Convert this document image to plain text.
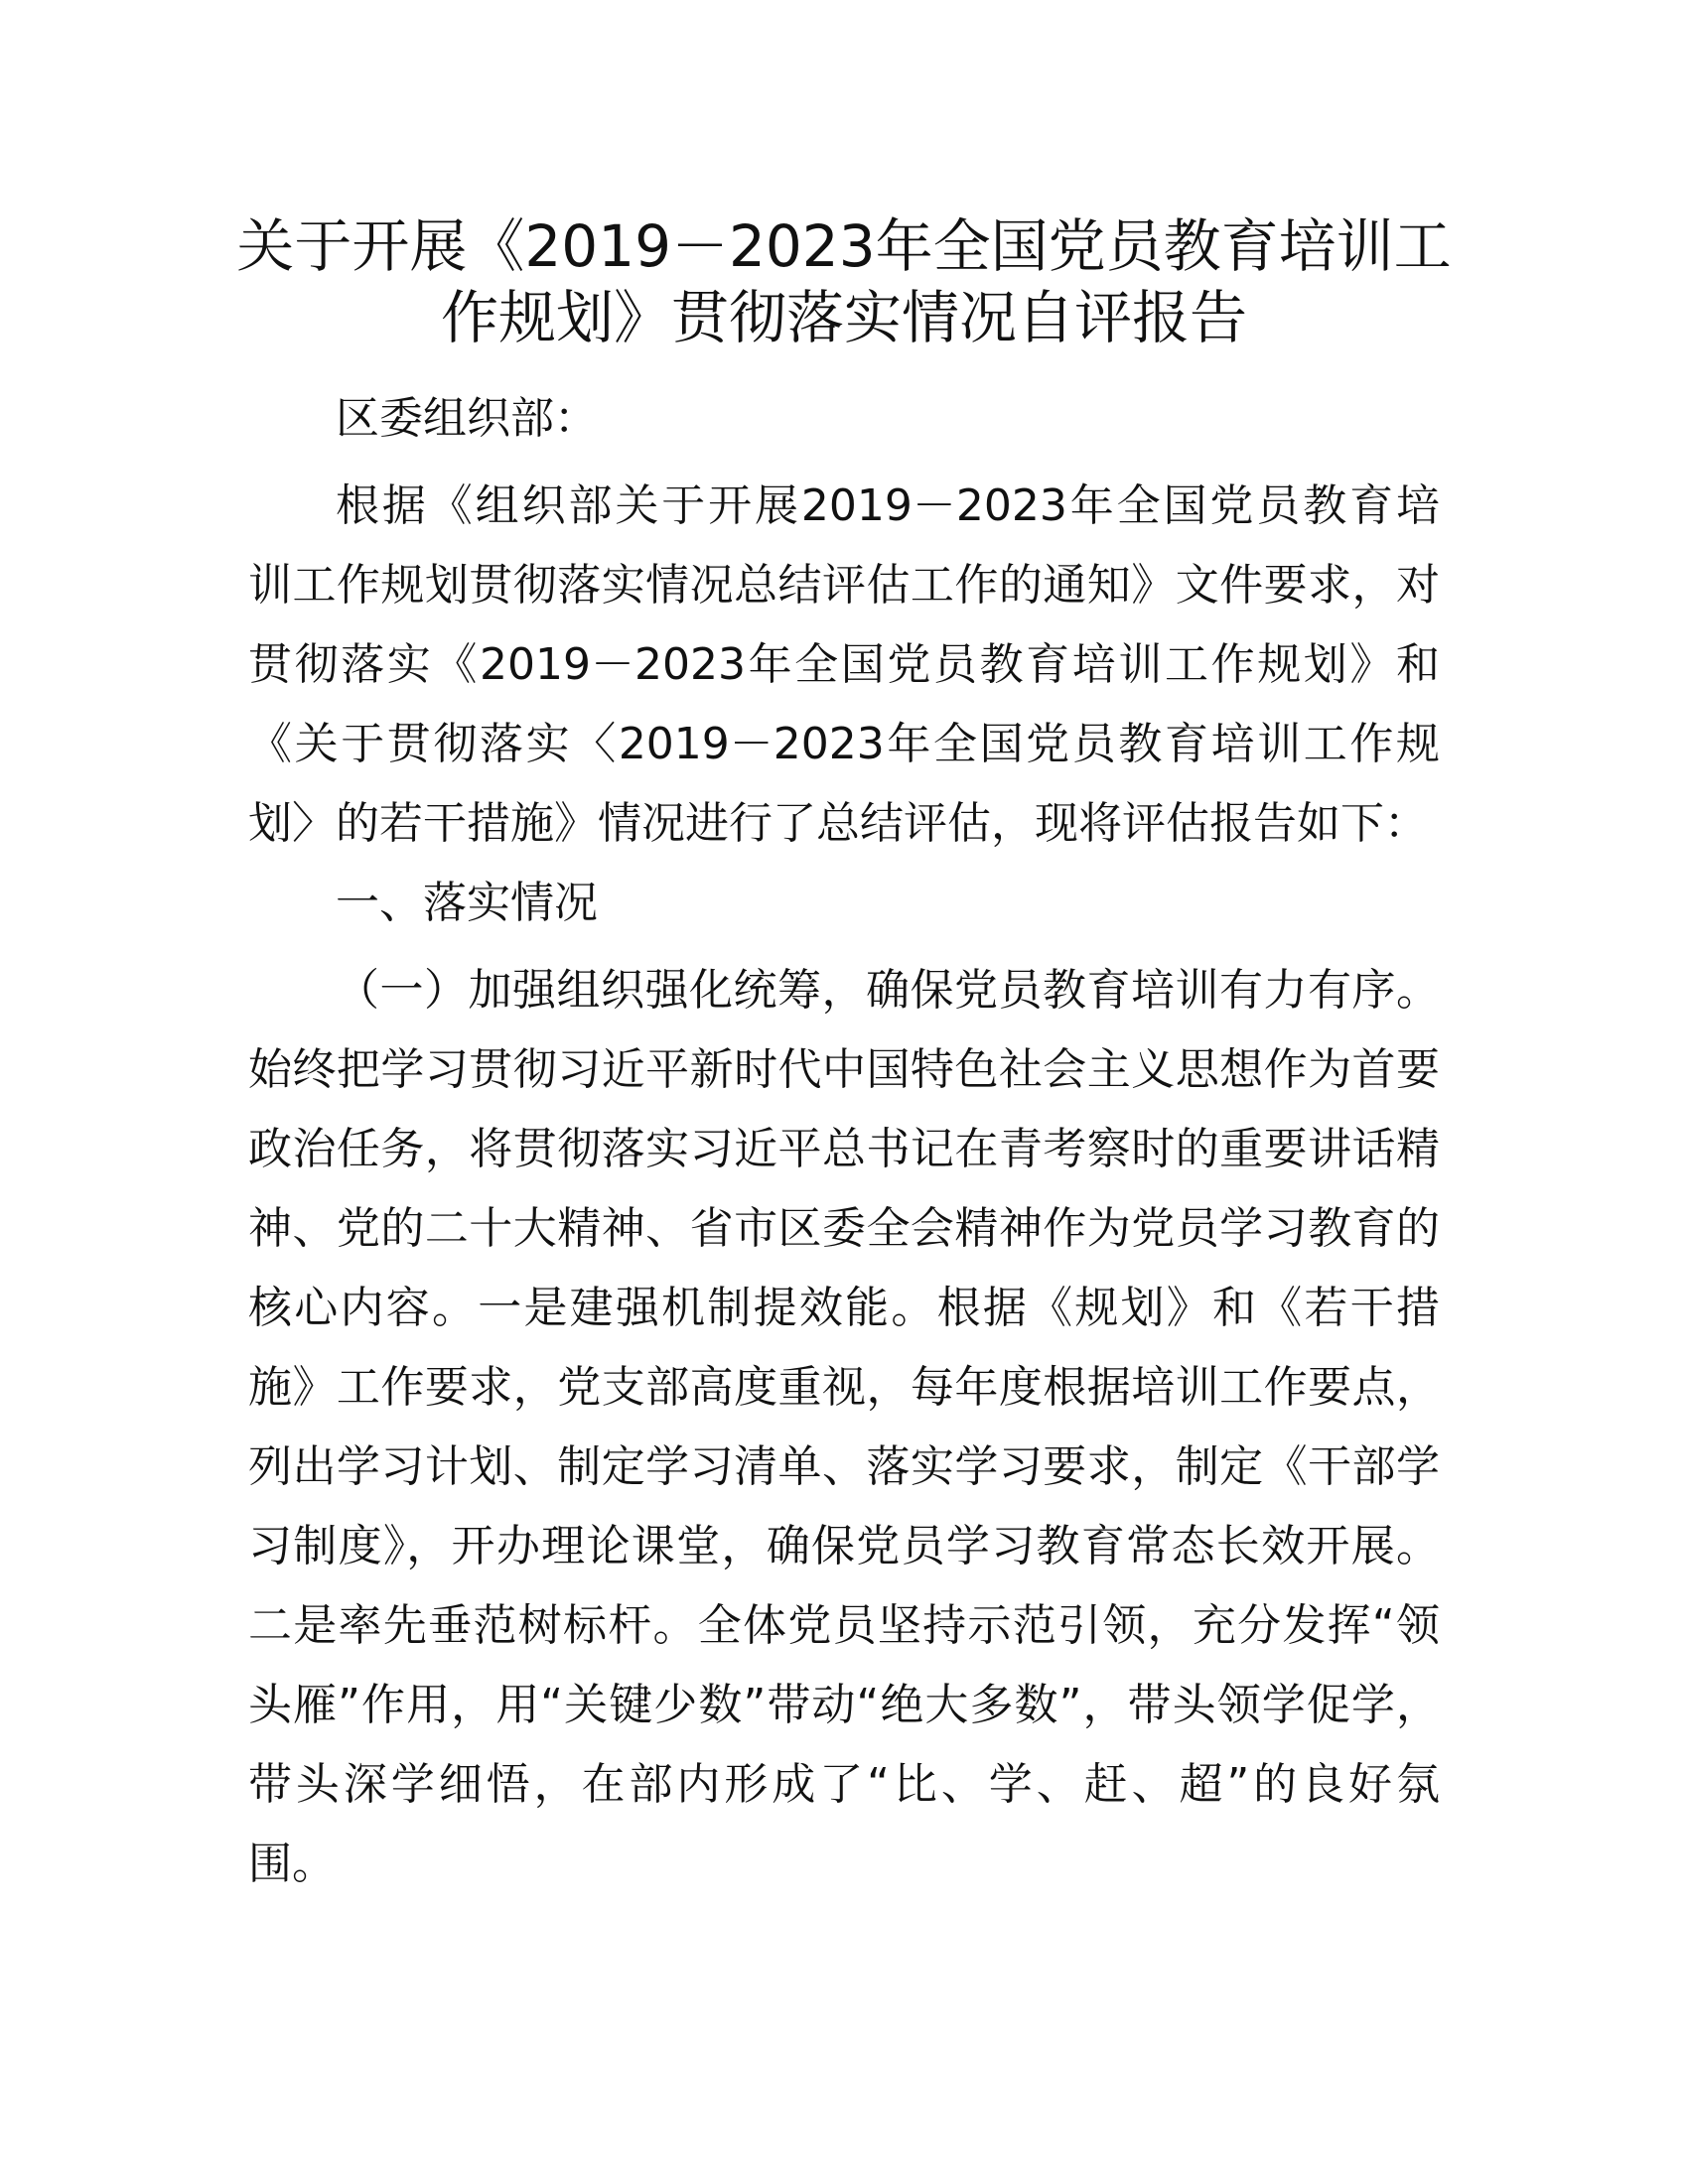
关于开展《2019－2023年全国党员教育培训工
作规划》贯彻落实情况自评报告
区委组织部：
根据《组织部关于开展2019－2023年全国党员教育培
训工作规划贯彻落实情况总结评估工作的通知》文件要求，对
贯彻落实《2019－2023年全国党员教育培训工作规划》和
《关于贯彻落实〈2019－2023年全国党员教育培训工作规
划〉的若干措施》情况进行了总结评估，现将评估报告如下：
一、落实情况
（一）加强组织强化统筹，确保党员教育培训有力有序。
始终把学习贯彻习近平新时代中国特色社会主义思想作为首要
政治任务，将贯彻落实习近平总书记在青考察时的重要讲话精
神、党的二十大精神、省市区委全会精神作为党员学习教育的
核心内容。一是建强机制提效能。根据《规划》和《若干措
施》工作要求，党支部高度重视，每年度根据培训工作要点，
列出学习计划、制定学习清单、落实学习要求，制定《干部学
习制度》，开办理论课堂，确保党员学习教育常态长效开展。
二是率先垂范树标杆。全体党员坚持示范引领，充分发挥“领
头雁”作用，用“关键少数”带动“绝大多数”，带头领学促学，
带头深学细悟，在部内形成了“比、学、赶、超”的良好氛
围。
